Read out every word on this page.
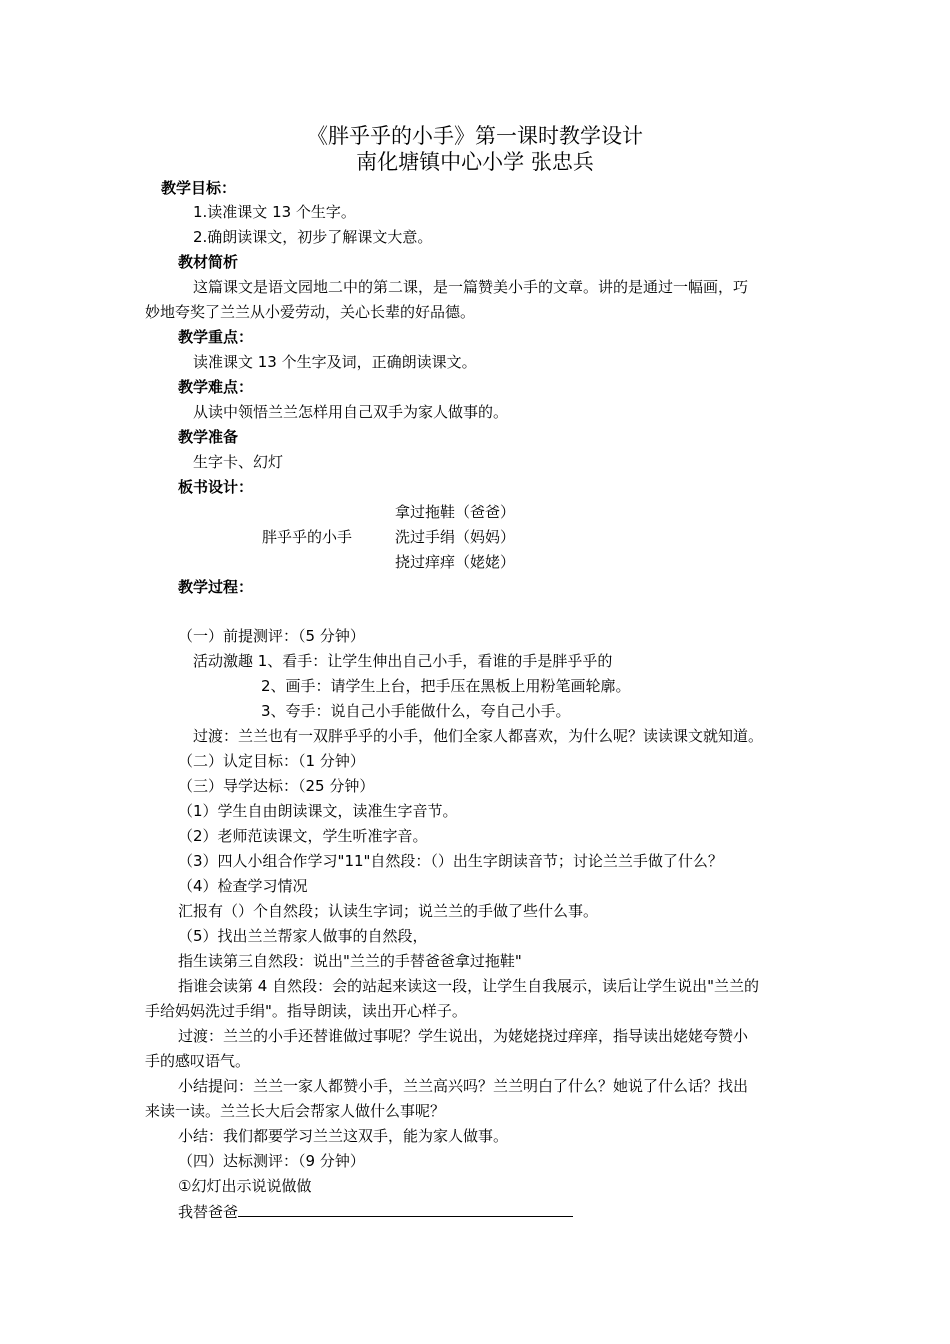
《胖乎乎的小手》第一课时教学设计
南化塘镇中心小学 张忠兵
教学目标：
1.读准课文 13 个生字。
2.确朗读课文，初步了解课文大意。
教材简析
这篇课文是语文园地二中的第二课，是一篇赞美小手的文章。讲的是通过一幅画，巧
妙地夸奖了兰兰从小爱劳动，关心长辈的好品德。
教学重点：
读准课文 13 个生字及词，正确朗读课文。
教学难点：
从读中领悟兰兰怎样用自己双手为家人做事的。
教学准备
生字卡、幻灯
板书设计：
拿过拖鞋（爸爸）
胖乎乎的小手	洗过手绢（妈妈）
挠过痒痒（姥姥）
教学过程：
（一）前提测评：（5 分钟）
活动激趣 1、看手：让学生伸出自己小手，看谁的手是胖乎乎的
2、画手：请学生上台，把手压在黑板上用粉笔画轮廓。
3、夸手：说自己小手能做什么，夸自己小手。
过渡：兰兰也有一双胖乎乎的小手，他们全家人都喜欢，为什么呢？读读课文就知道。
（二）认定目标：（1 分钟）
（三）导学达标：（25 分钟）
（1）学生自由朗读课文，读准生字音节。
（2）老师范读课文，学生听准字音。
（3）四人小组合作学习"11"自然段：（）出生字朗读音节；讨论兰兰手做了什么？
（4）检查学习情况
汇报有（）个自然段；认读生字词；说兰兰的手做了些什么事。
（5）找出兰兰帮家人做事的自然段，
指生读第三自然段：说出"兰兰的手替爸爸拿过拖鞋"
指谁会读第 4 自然段：会的站起来读这一段，让学生自我展示，读后让学生说出"兰兰的
手给妈妈洗过手绢"。指导朗读，读出开心样子。
过渡：兰兰的小手还替谁做过事呢？学生说出，为姥姥挠过痒痒，指导读出姥姥夸赞小
手的感叹语气。
小结提问：兰兰一家人都赞小手，兰兰高兴吗？兰兰明白了什么？她说了什么话？找出
来读一读。兰兰长大后会帮家人做什么事呢？
小结：我们都要学习兰兰这双手，能为家人做事。
（四）达标测评：（9 分钟）
①幻灯出示说说做做
我替爸爸
